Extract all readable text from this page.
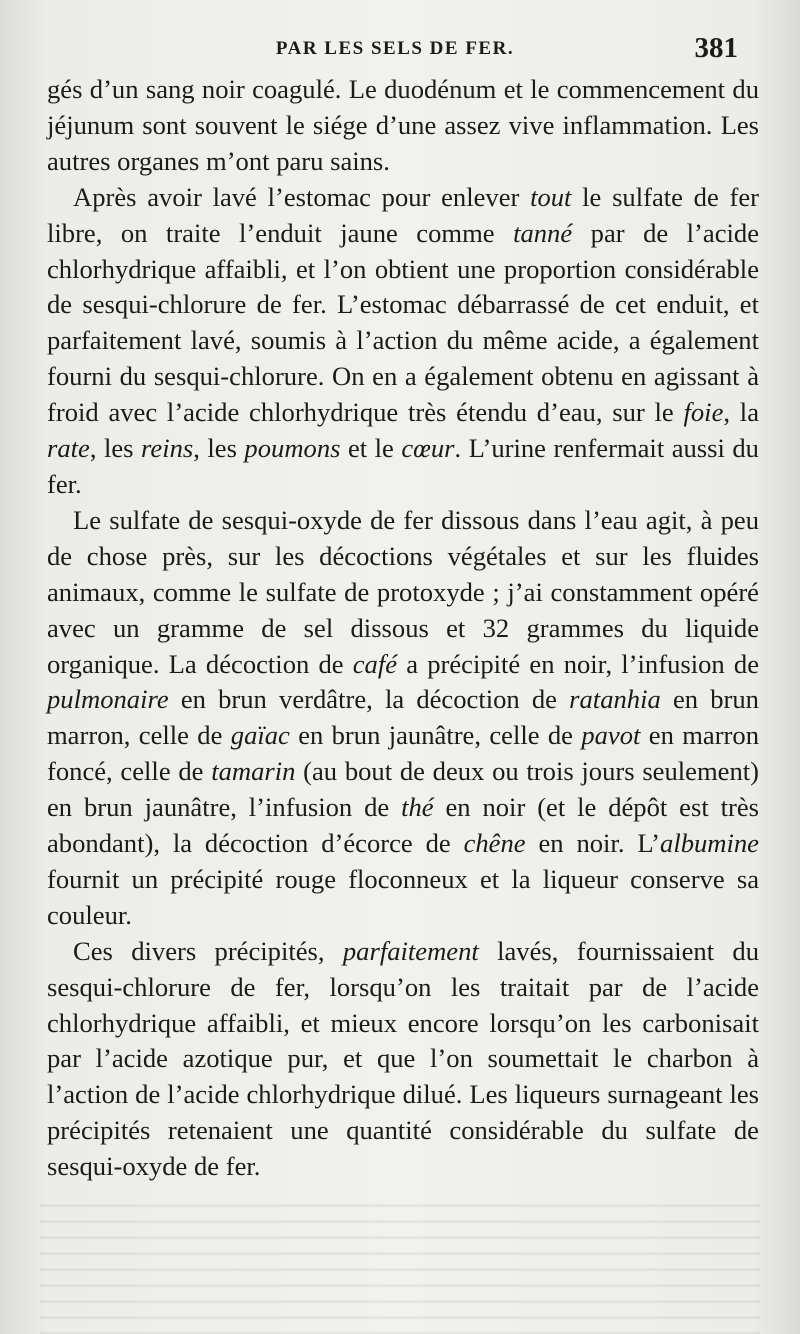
PAR LES SELS DE FER.	381

gés d’un sang noir coagulé. Le duodénum et le commencement du jéjunum sont souvent le siége d’une assez vive inflammation. Les autres organes m’ont paru sains.

Après avoir lavé l’estomac pour enlever tout le sulfate de fer libre, on traite l’enduit jaune comme tanné par de l’acide chlorhydrique affaibli, et l’on obtient une proportion considérable de sesqui-chlorure de fer. L’estomac débarrassé de cet enduit, et parfaitement lavé, soumis à l’action du même acide, a également fourni du sesqui-chlorure. On en a également obtenu en agissant à froid avec l’acide chlorhydrique très étendu d’eau, sur le foie, la rate, les reins, les poumons et le cœur. L’urine renfermait aussi du fer.

Le sulfate de sesqui-oxyde de fer dissous dans l’eau agit, à peu de chose près, sur les décoctions végétales et sur les fluides animaux, comme le sulfate de protoxyde ; j’ai constamment opéré avec un gramme de sel dissous et 32 grammes du liquide organique. La décoction de café a précipité en noir, l’infusion de pulmonaire en brun verdâtre, la décoction de ratanhia en brun marron, celle de gaïac en brun jaunâtre, celle de pavot en marron foncé, celle de tamarin (au bout de deux ou trois jours seulement) en brun jaunâtre, l’infusion de thé en noir (et le dépôt est très abondant), la décoction d’écorce de chêne en noir. L’albumine fournit un précipité rouge floconneux et la liqueur conserve sa couleur.

Ces divers précipités, parfaitement lavés, fournissaient du sesqui-chlorure de fer, lorsqu’on les traitait par de l’acide chlorhydrique affaibli, et mieux encore lorsqu’on les carbonisait par l’acide azotique pur, et que l’on soumettait le charbon à l’action de l’acide chlorhydrique dilué. Les liqueurs surnageant les précipités retenaient une quantité considérable du sulfate de sesqui-oxyde de fer.
